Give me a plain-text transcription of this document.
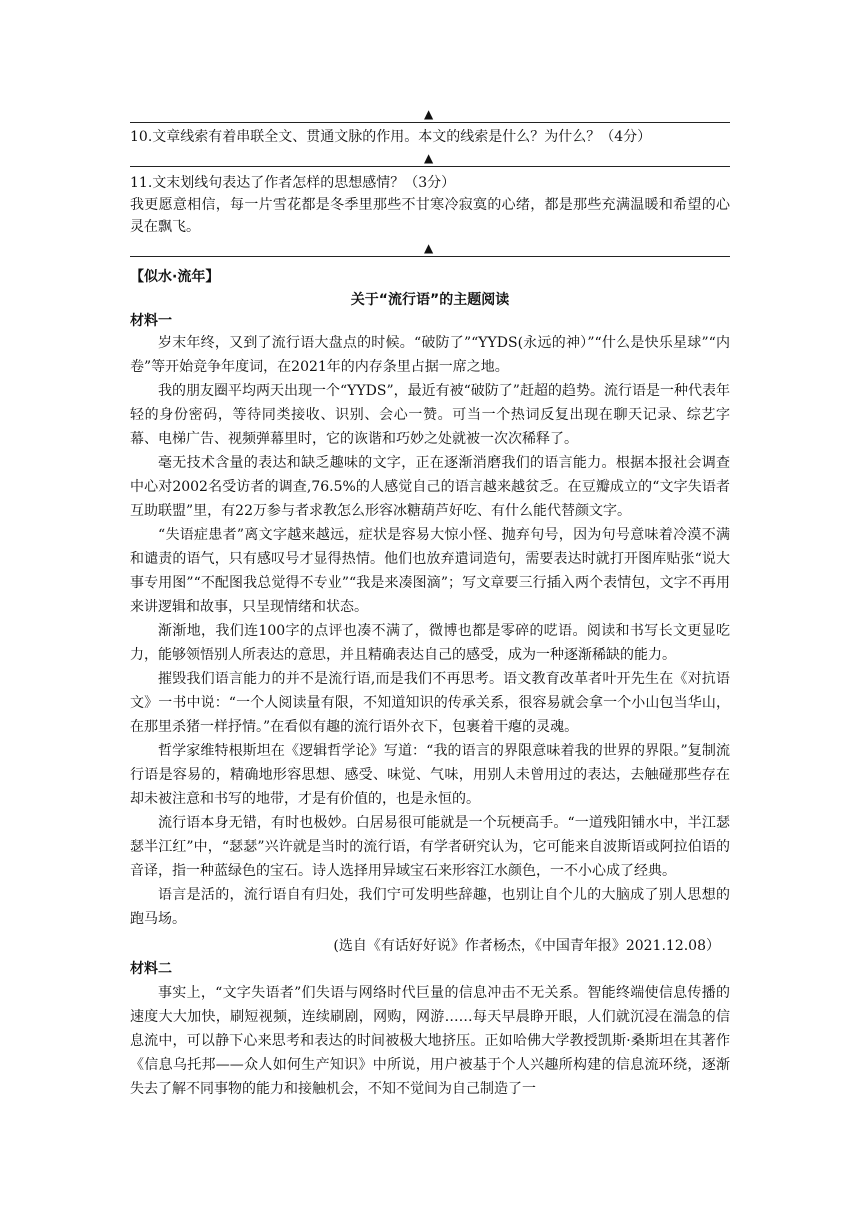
▲
10.文章线索有着串联全文、贯通文脉的作用。本文的线索是什么？为什么？（4分）
▲
11.文末划线句表达了作者怎样的思想感情？（3分）
我更愿意相信，每一片雪花都是冬季里那些不甘寒冷寂寞的心绪，都是那些充满温暖和希望的心灵在飘飞。
▲
【似水·流年】
关于“流行语”的主题阅读
材料一
岁末年终，又到了流行语大盘点的时候。“破防了”“YYDS(永远的神）”“什么是快乐星球”“内卷”等开始竞争年度词，在2021年的内存条里占据一席之地。
我的朋友圈平均两天出现一个“YYDS”，最近有被“破防了”赶超的趋势。流行语是一种代表年轻的身份密码，等待同类接收、识别、会心一赞。可当一个热词反复出现在聊天记录、综艺字幕、电梯广告、视频弹幕里时，它的诙谐和巧妙之处就被一次次稀释了。
毫无技术含量的表达和缺乏趣味的文字，正在逐渐消磨我们的语言能力。根据本报社会调查中心对2002名受访者的调查,76.5%的人感觉自己的语言越来越贫乏。在豆瓣成立的“文字失语者互助联盟”里，有22万参与者求教怎么形容冰糖葫芦好吃、有什么能代替颜文字。
“失语症患者”离文字越来越远，症状是容易大惊小怪、抛弃句号，因为句号意味着冷漠不满和谴责的语气，只有感叹号才显得热情。他们也放弃遣词造句，需要表达时就打开图库贴张“说大事专用图”“不配图我总觉得不专业”“我是来凑图滴”；写文章要三行插入两个表情包，文字不再用来讲逻辑和故事，只呈现情绪和状态。
渐渐地，我们连100字的点评也凑不满了，微博也都是零碎的呓语。阅读和书写长文更显吃力，能够领悟别人所表达的意思，并且精确表达自己的感受，成为一种逐渐稀缺的能力。
摧毁我们语言能力的并不是流行语,而是我们不再思考。语文教育改革者叶开先生在《对抗语文》一书中说：“一个人阅读量有限，不知道知识的传承关系，很容易就会拿一个小山包当华山，在那里杀猪一样抒情。”在看似有趣的流行语外衣下，包裹着干瘪的灵魂。
哲学家维特根斯坦在《逻辑哲学论》写道：“我的语言的界限意味着我的世界的界限。”复制流行语是容易的，精确地形容思想、感受、味觉、气味，用别人未曾用过的表达，去触碰那些存在却未被注意和书写的地带，才是有价值的，也是永恒的。
流行语本身无错，有时也极妙。白居易很可能就是一个玩梗高手。“一道残阳铺水中，半江瑟瑟半江红”中，“瑟瑟”兴许就是当时的流行语，有学者研究认为，它可能来自波斯语或阿拉伯语的音译，指一种蓝绿色的宝石。诗人选择用异域宝石来形容江水颜色，一不小心成了经典。
语言是活的，流行语自有归处，我们宁可发明些辞趣，也别让自个儿的大脑成了别人思想的跑马场。
(选自《有话好好说》作者杨杰，《中国青年报》2021.12.08）
材料二
事实上，“文字失语者”们失语与网络时代巨量的信息冲击不无关系。智能终端使信息传播的速度大大加快，刷短视频，连续刷剧，网购，网游……每天早晨睁开眼，人们就沉浸在湍急的信息流中，可以静下心来思考和表达的时间被极大地挤压。正如哈佛大学教授凯斯·桑斯坦在其著作《信息乌托邦——众人如何生产知识》中所说，用户被基于个人兴趣所构建的信息流环绕，逐渐失去了解不同事物的能力和接触机会，不知不觉间为自己制造了一
